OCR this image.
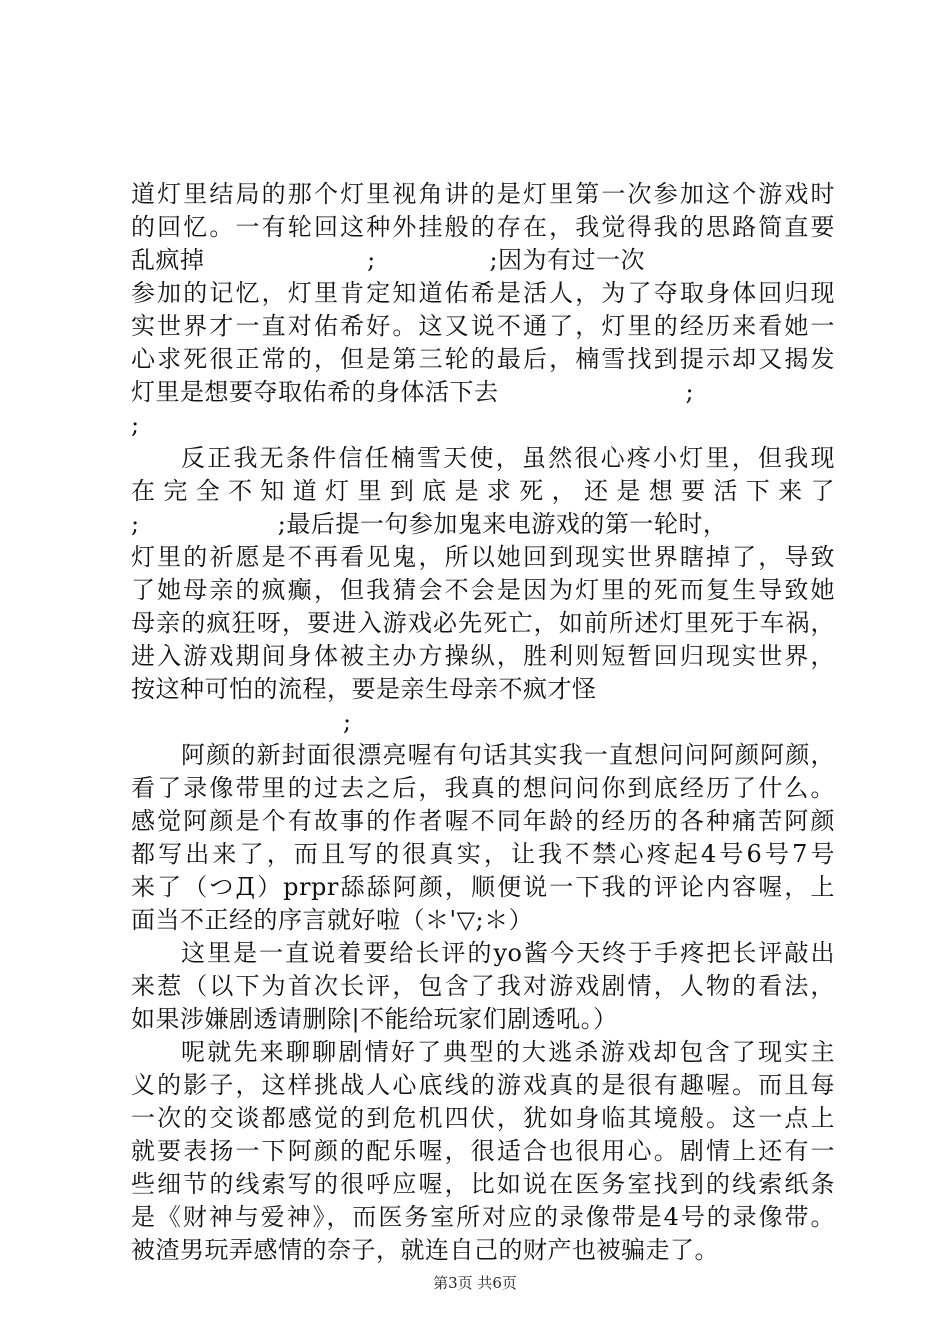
道灯里结局的那个灯里视角讲的是灯里第一次参加这个游戏时
的回忆。一有轮回这种外挂般的存在，我觉得我的思路简直要
乱疯掉                    ;              ;因为有过一次
参加的记忆，灯里肯定知道佑希是活人，为了夺取身体回归现
实世界才一直对佑希好。这又说不通了，灯里的经历来看她一
心求死很正常的，但是第三轮的最后，楠雪找到提示却又揭发
灯里是想要夺取佑希的身体活下去                       ;
;
反正我无条件信任楠雪天使，虽然很心疼小灯里，但我现
在完全不知道灯里到底是求死，还是想要活下来了
;                 ;最后提一句参加鬼来电游戏的第一轮时，
灯里的祈愿是不再看见鬼，所以她回到现实世界瞎掉了，导致
了她母亲的疯癫，但我猜会不会是因为灯里的死而复生导致她
母亲的疯狂呀，要进入游戏必先死亡，如前所述灯里死于车祸，
进入游戏期间身体被主办方操纵，胜利则短暂回归现实世界，
按这种可怕的流程，要是亲生母亲不疯才怪
;
阿颜的新封面很漂亮喔有句话其实我一直想问问阿颜阿颜，
看了录像带里的过去之后，我真的想问问你到底经历了什么。
感觉阿颜是个有故事的作者喔不同年龄的经历的各种痛苦阿颜
都写出来了，而且写的很真实，让我不禁心疼起4号6号7号
来了（つД）prpr舔舔阿颜，顺便说一下我的评论内容喔，上
面当不正经的序言就好啦（＊'▽;＊）
这里是一直说着要给长评的yo酱今天终于手疼把长评敲出
来惹（以下为首次长评，包含了我对游戏剧情，人物的看法，
如果涉嫌剧透请删除|不能给玩家们剧透吼。）
呢就先来聊聊剧情好了典型的大逃杀游戏却包含了现实主
义的影子，这样挑战人心底线的游戏真的是很有趣喔。而且每
一次的交谈都感觉的到危机四伏，犹如身临其境般。这一点上
就要表扬一下阿颜的配乐喔，很适合也很用心。剧情上还有一
些细节的线索写的很呼应喔，比如说在医务室找到的线索纸条
是《财神与爱神》，而医务室所对应的录像带是4号的录像带。
被渣男玩弄感情的奈子，就连自己的财产也被骗走了。
第3页 共6页
